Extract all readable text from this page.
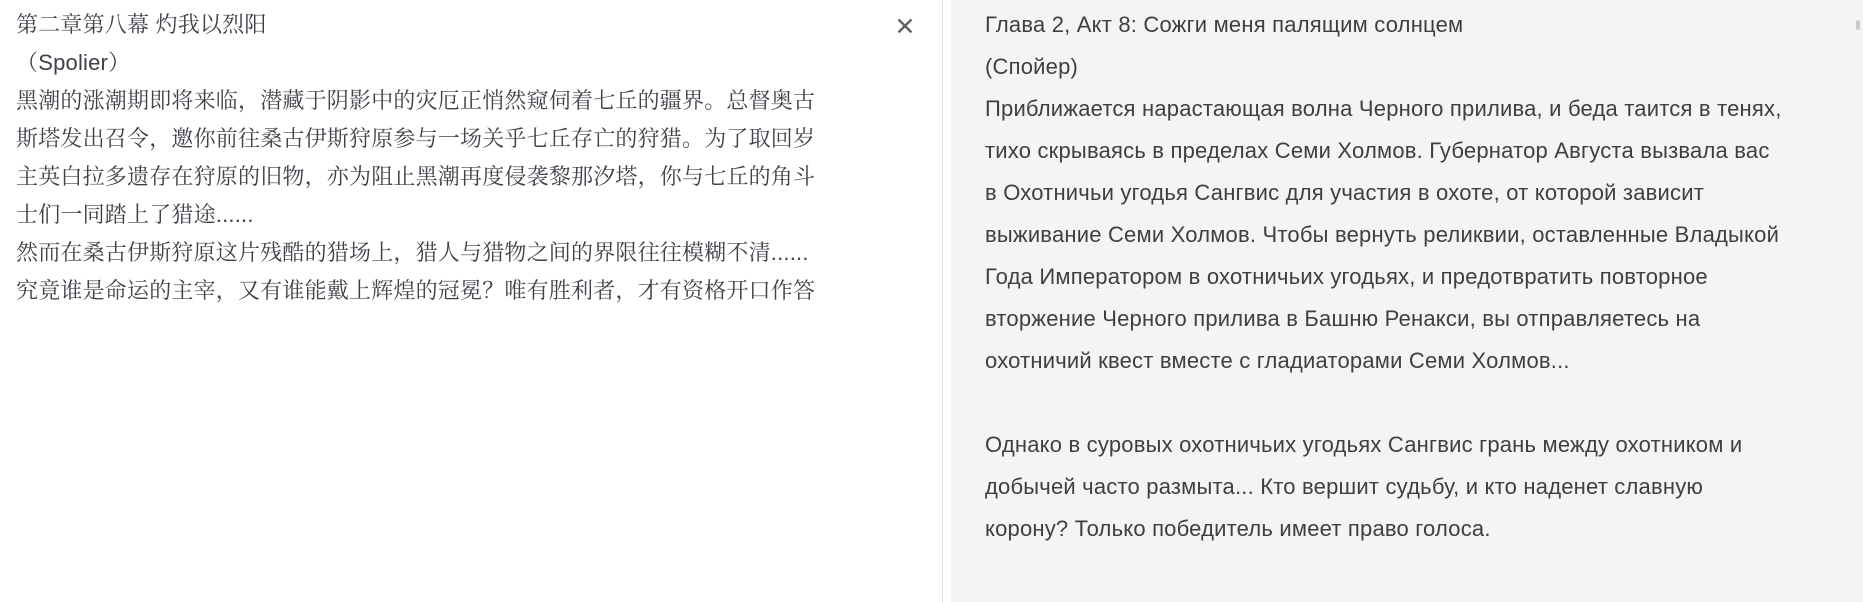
第二章第八幕 灼我以烈阳

（Spolier）

黑潮的涨潮期即将来临，潜藏于阴影中的灾厄正悄然窥伺着七丘的疆界。总督奥古斯塔发出召令，邀你前往桑古伊斯狩原参与一场关乎七丘存亡的狩猎。为了取回岁主英白拉多遗存在狩原的旧物，亦为阻止黑潮再度侵袭黎那汐塔，你与七丘的角斗士们一同踏上了猎途......

然而在桑古伊斯狩原这片残酷的猎场上，猎人与猎物之间的界限往往模糊不清......究竟谁是命运的主宰，又有谁能戴上辉煌的冠冕？唯有胜利者，才有资格开口作答

✕	Глава 2, Акт 8: Сожги меня палящим солнцем

(Спойер)

Приближается нарастающая волна Черного прилива, и беда таится в тенях, тихо скрываясь в пределах Семи Холмов. Губернатор Августа вызвала вас в Охотничьи угодья Сангвис для участия в охоте, от которой зависит выживание Семи Холмов. Чтобы вернуть реликвии, оставленные Владыкой Года Императором в охотничьих угодьях, и предотвратить повторное вторжение Черного прилива в Башню Ренакси, вы отправляетесь на охотничий квест вместе с гладиаторами Семи Холмов...

Однако в суровых охотничьих угодьях Сангвис грань между охотником и добычей часто размыта... Кто вершит судьбу, и кто наденет славную корону? Только победитель имеет право голоса.
